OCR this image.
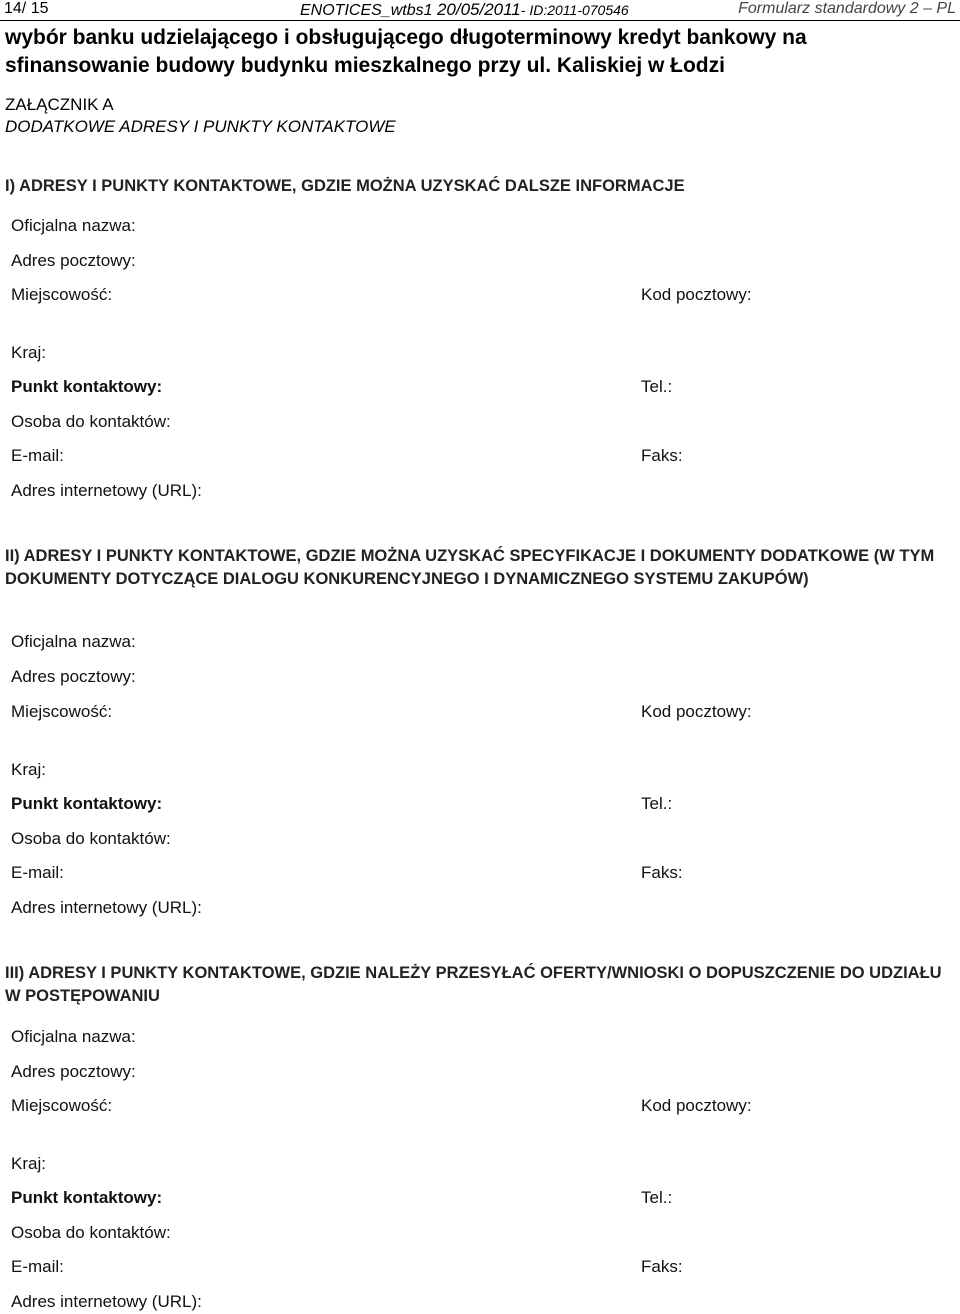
14/ 15	ENOTICES_wtbs1 20/05/2011- ID:2011-070546	Formularz standardowy 2 – PL
wybór banku udzielającego i obsługującego długoterminowy kredyt bankowy na
sfinansowanie budowy budynku mieszkalnego przy ul. Kaliskiej w Łodzi
ZAŁĄCZNIK A
DODATKOWE ADRESY I PUNKTY KONTAKTOWE
I) ADRESY I PUNKTY KONTAKTOWE, GDZIE MOŻNA UZYSKAĆ DALSZE INFORMACJE
Oficjalna nazwa:
Adres pocztowy:
Miejscowość:	Kod pocztowy:
Kraj:
Punkt kontaktowy:	Tel.:
Osoba do kontaktów:
E-mail:	Faks:
Adres internetowy (URL):
II) ADRESY I PUNKTY KONTAKTOWE, GDZIE MOŻNA UZYSKAĆ SPECYFIKACJE I DOKUMENTY DODATKOWE (W TYM DOKUMENTY DOTYCZĄCE DIALOGU KONKURENCYJNEGO I DYNAMICZNEGO SYSTEMU ZAKUPÓW)
Oficjalna nazwa:
Adres pocztowy:
Miejscowość:	Kod pocztowy:
Kraj:
Punkt kontaktowy:	Tel.:
Osoba do kontaktów:
E-mail:	Faks:
Adres internetowy (URL):
III) ADRESY I PUNKTY KONTAKTOWE, GDZIE NALEŻY PRZESYŁAĆ OFERTY/WNIOSKI O DOPUSZCZENIE DO UDZIAŁU W POSTĘPOWANIU
Oficjalna nazwa:
Adres pocztowy:
Miejscowość:	Kod pocztowy:
Kraj:
Punkt kontaktowy:	Tel.:
Osoba do kontaktów:
E-mail:	Faks:
Adres internetowy (URL):
